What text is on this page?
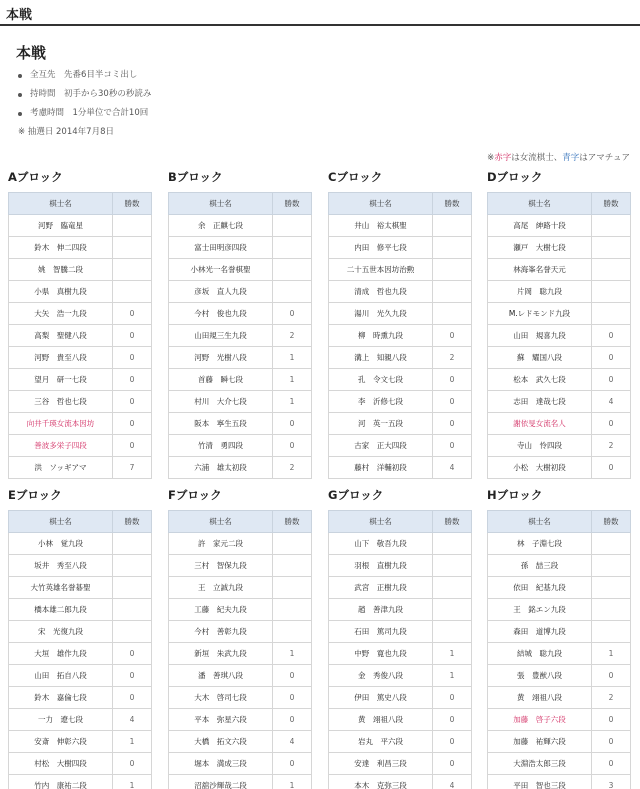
本戦
本戦
全互先　先番6目半コミ出し
持時間　初手から30秒の秒読み
考慮時間　1分単位で合計10回
※ 抽選日 2014年7月8日
※赤字は女流棋士、青字はアマチュア
Aブロック
棋士名	勝数
河野　臨竜星	
鈴木　伸二四段	
姚　智騰二段	
小県　真樹九段	
大矢　浩一九段	0
高梨　聖健八段	0
河野　貴至八段	0
望月　研一七段	0
三谷　哲也七段	0
向井千瑛女流本因坊	0
善波多栄子四段	0
洪　ソッギアマ	7
Bブロック
棋士名	勝数
余　正麒七段	
富士田明彦四段	
小林光一名誉棋聖	
彦坂　直人九段	
今村　俊也九段	0
山田規三生九段	2
河野　光樹八段	1
首藤　瞬七段	1
村川　大介七段	1
阪本　寧生五段	0
竹清　勇四段	0
六浦　雄太初段	2
Cブロック
棋士名	勝数
井山　裕太棋聖	
内田　修平七段	
二十五世本因坊治勲	
清成　哲也九段	
湯川　光久九段	
柳　時熏九段	0
溝上　知親八段	2
孔　令文七段	0
李　沂修七段	0
河　英一五段	0
古家　正大四段	0
藤村　洋輔初段	4
Dブロック
棋士名	勝数
高尾　紳路十段	
瀬戸　大樹七段	
林海峯名誉天元	
片岡　聡九段	
M.レドモンド九段	
山田　規喜九段	0
蘇　耀国八段	0
松本　武久七段	0
志田　達哉七段	4
謝依旻女流名人	0
寺山　怜四段	2
小松　大樹初段	0
Eブロック
棋士名	勝数
小林　覚九段	
坂井　秀至八段	
大竹英雄名誉碁聖	
橋本雄二郎九段	
宋　光復九段	
大垣　雄作九段	0
山田　拓自八段	0
鈴木　嘉倫七段	0
一力　遼七段	4
安斎　伸彰六段	1
村松　大樹四段	0
竹内　康祐二段	1
Fブロック
棋士名	勝数
許　家元二段	
三村　智保九段	
王　立誠九段	
工藤　紀夫九段	
今村　善彰九段	
新垣　朱武九段	1
潘　善琪八段	0
大木　啓司七段	0
平本　弥星六段	0
大橋　拓文六段	4
堀本　満成三段	0
沼舘沙輝哉二段	1
Gブロック
棋士名	勝数
山下　敬吾九段	
羽根　直樹九段	
武宮　正樹九段	
趙　善津九段	
石田　篤司九段	
中野　寛也九段	1
金　秀俊八段	1
伊田　篤史八段	0
黄　翊祖八段	0
岩丸　平六段	0
安達　利昌三段	0
本木　克弥三段	4
Hブロック
棋士名	勝数
林　子淵七段	
孫　喆三段	
依田　紀基九段	
王　銘エン九段	
森田　道博九段	
結城　聡九段	1
張　豊猷八段	0
黄　翊祖八段	2
加藤　啓子六段	0
加藤　祐輝六段	0
大淵浩太郎三段	0
平田　智也三段	3
